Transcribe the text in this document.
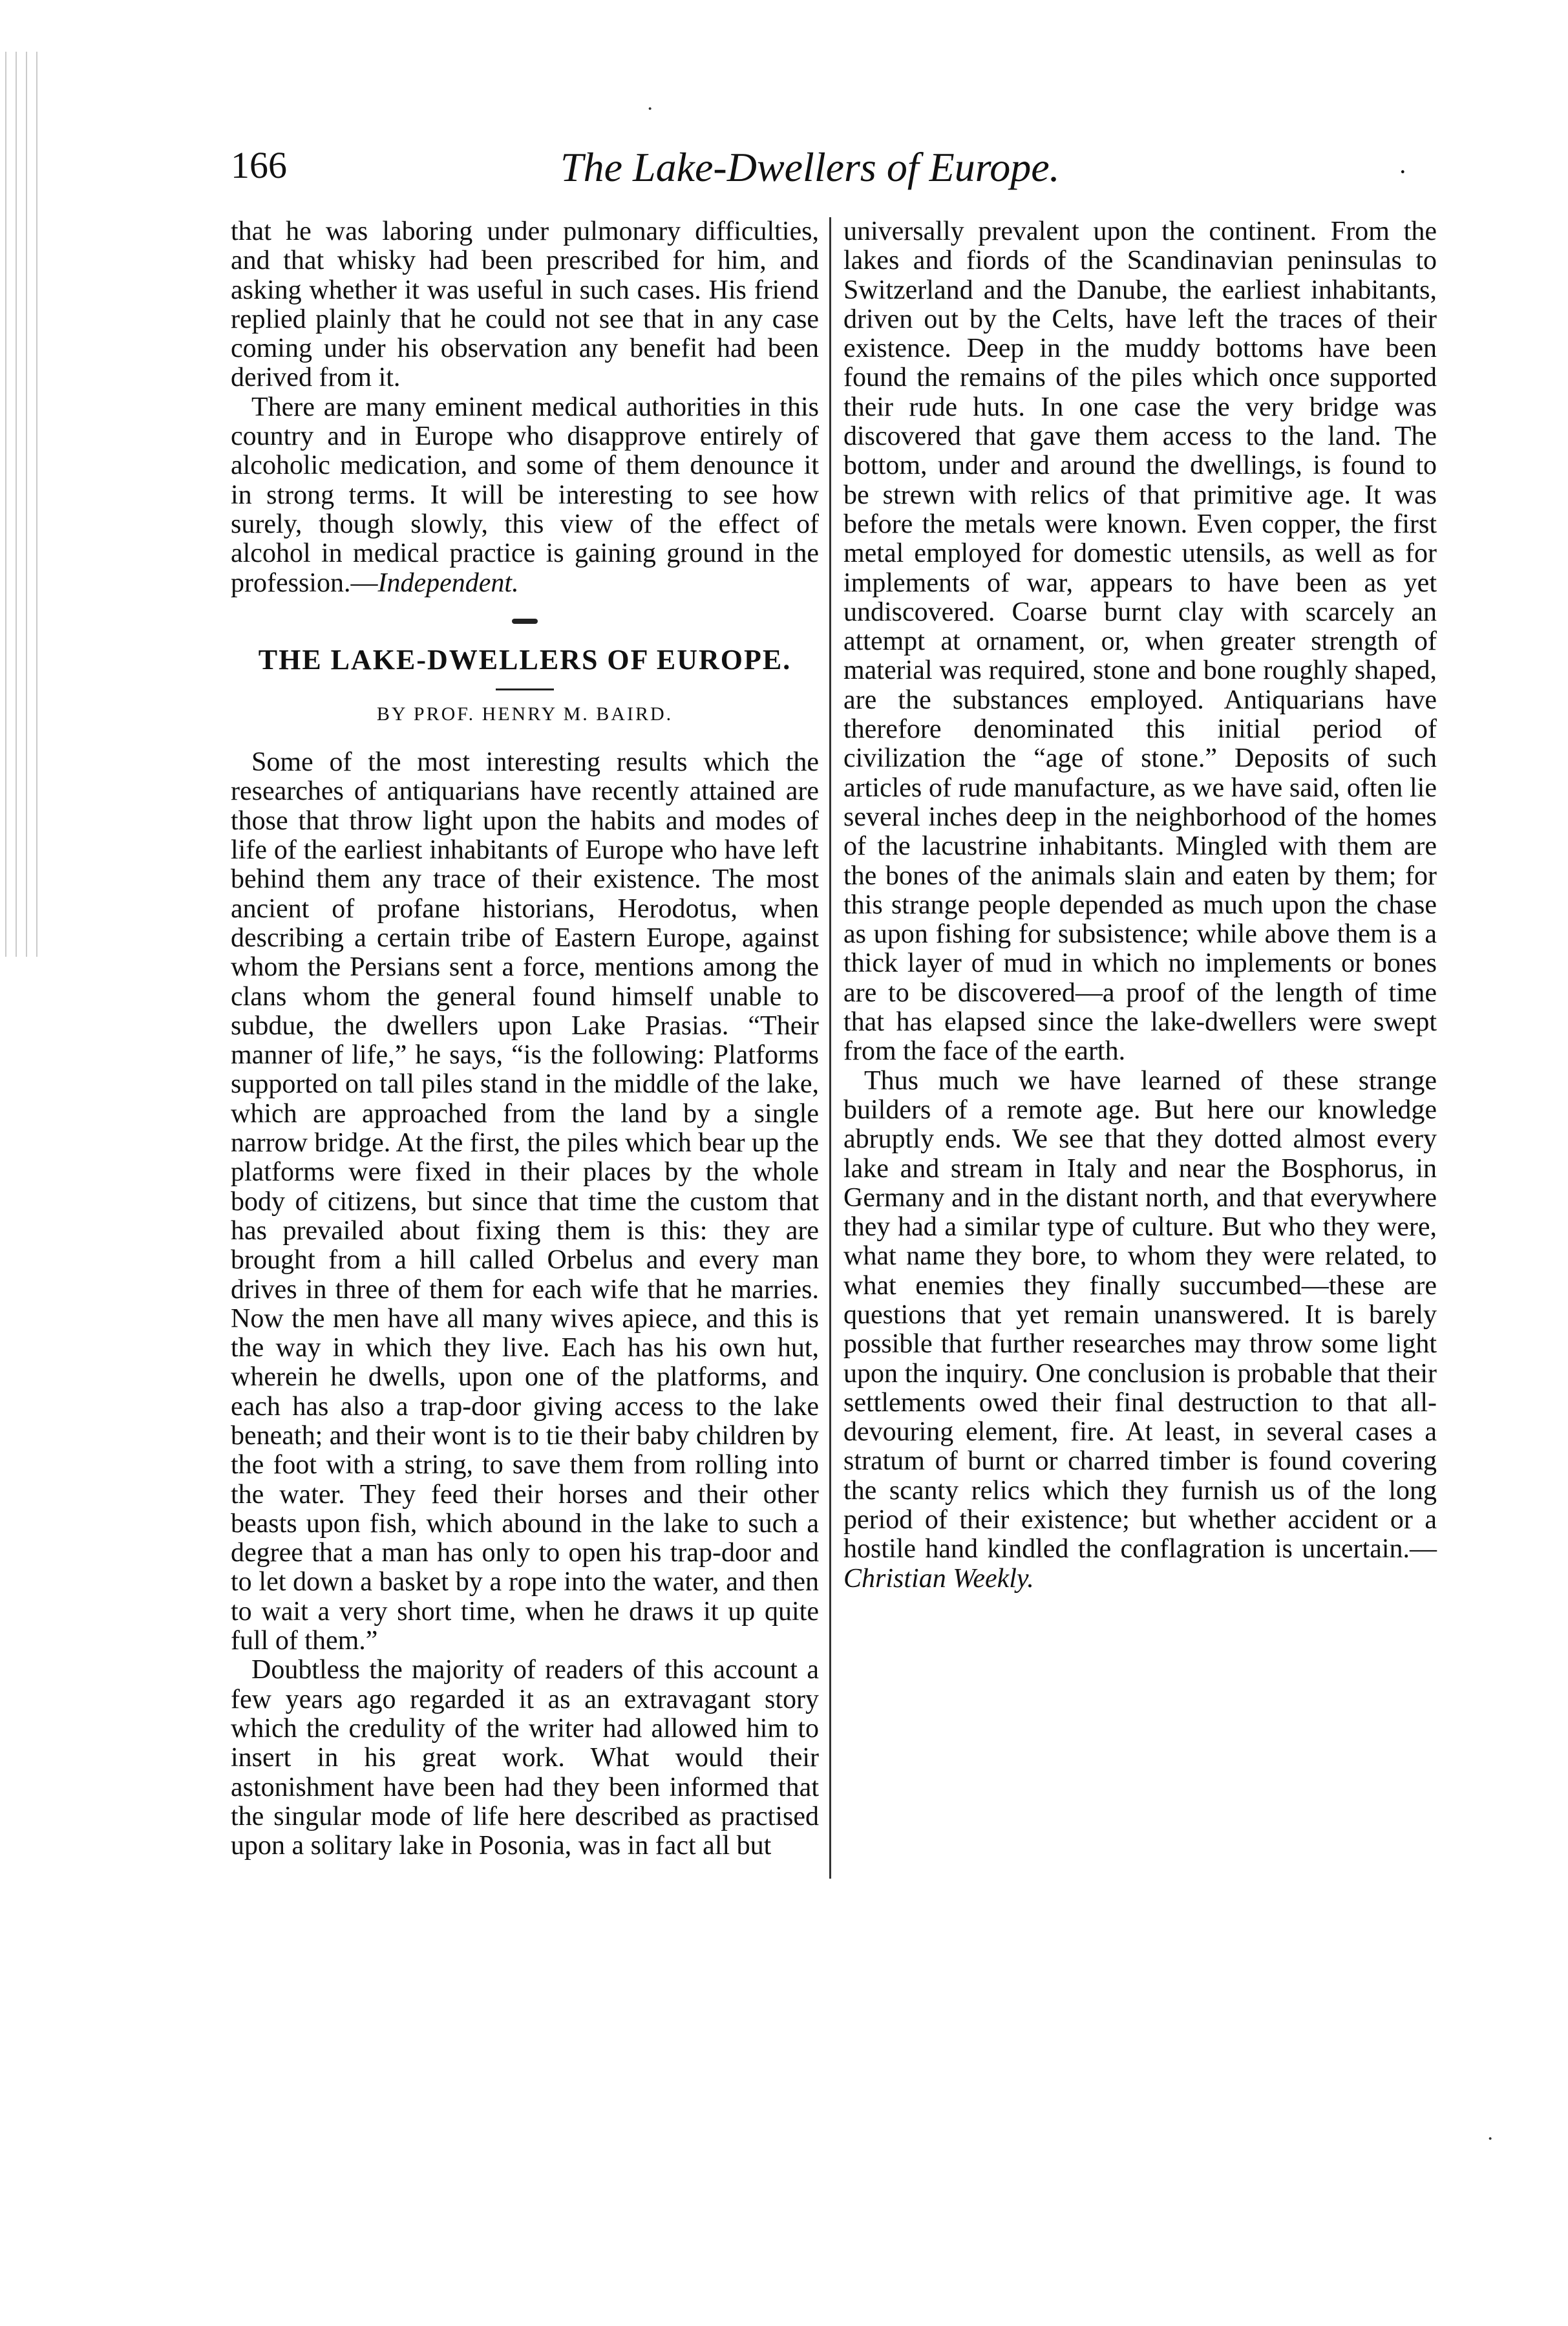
166	The Lake-Dwellers of Europe.	·

that he was laboring under pulmonary difficulties, and that whisky had been prescribed for him, and asking whether it was useful in such cases. His friend replied plainly that he could not see that in any case coming under his observation any benefit had been derived from it.

There are many eminent medical authorities in this country and in Europe who disapprove entirely of alcoholic medication, and some of them denounce it in strong terms. It will be interesting to see how surely, though slowly, this view of the effect of alcohol in medical practice is gaining ground in the profession.—Independent.

THE LAKE-DWELLERS OF EUROPE.
BY PROF. HENRY M. BAIRD.

Some of the most interesting results which the researches of antiquarians have recently attained are those that throw light upon the habits and modes of life of the earliest inhabitants of Europe who have left behind them any trace of their existence. The most ancient of profane historians, Herodotus, when describing a certain tribe of Eastern Europe, against whom the Persians sent a force, mentions among the clans whom the general found himself unable to subdue, the dwellers upon Lake Prasias. “Their manner of life,” he says, “is the following: Platforms supported on tall piles stand in the middle of the lake, which are approached from the land by a single narrow bridge. At the first, the piles which bear up the platforms were fixed in their places by the whole body of citizens, but since that time the custom that has prevailed about fixing them is this: they are brought from a hill called Orbelus and every man drives in three of them for each wife that he marries. Now the men have all many wives apiece, and this is the way in which they live. Each has his own hut, wherein he dwells, upon one of the platforms, and each has also a trap-door giving access to the lake beneath; and their wont is to tie their baby children by the foot with a string, to save them from rolling into the water. They feed their horses and their other beasts upon fish, which abound in the lake to such a degree that a man has only to open his trap-door and to let down a basket by a rope into the water, and then to wait a very short time, when he draws it up quite full of them.”

Doubtless the majority of readers of this account a few years ago regarded it as an extravagant story which the credulity of the writer had allowed him to insert in his great work. What would their astonishment have been had they been informed that the singular mode of life here described as practised upon a solitary lake in Posonia, was in fact all but

universally prevalent upon the continent. From the lakes and fiords of the Scandinavian peninsulas to Switzerland and the Danube, the earliest inhabitants, driven out by the Celts, have left the traces of their existence. Deep in the muddy bottoms have been found the remains of the piles which once supported their rude huts. In one case the very bridge was discovered that gave them access to the land. The bottom, under and around the dwellings, is found to be strewn with relics of that primitive age. It was before the metals were known. Even copper, the first metal employed for domestic utensils, as well as for implements of war, appears to have been as yet undiscovered. Coarse burnt clay with scarcely an attempt at ornament, or, when greater strength of material was required, stone and bone roughly shaped, are the substances employed. Antiquarians have therefore denominated this initial period of civilization the “age of stone.” Deposits of such articles of rude manufacture, as we have said, often lie several inches deep in the neighborhood of the homes of the lacustrine inhabitants. Mingled with them are the bones of the animals slain and eaten by them; for this strange people depended as much upon the chase as upon fishing for subsistence; while above them is a thick layer of mud in which no implements or bones are to be discovered—a proof of the length of time that has elapsed since the lake-dwellers were swept from the face of the earth.

Thus much we have learned of these strange builders of a remote age. But here our knowledge abruptly ends. We see that they dotted almost every lake and stream in Italy and near the Bosphorus, in Germany and in the distant north, and that everywhere they had a similar type of culture. But who they were, what name they bore, to whom they were related, to what enemies they finally succumbed—these are questions that yet remain unanswered. It is barely possible that further researches may throw some light upon the inquiry. One conclusion is probable that their settlements owed their final destruction to that all-devouring element, fire. At least, in several cases a stratum of burnt or charred timber is found covering the scanty relics which they furnish us of the long period of their existence; but whether accident or a hostile hand kindled the conflagration is uncertain.—Christian Weekly.

·
·
